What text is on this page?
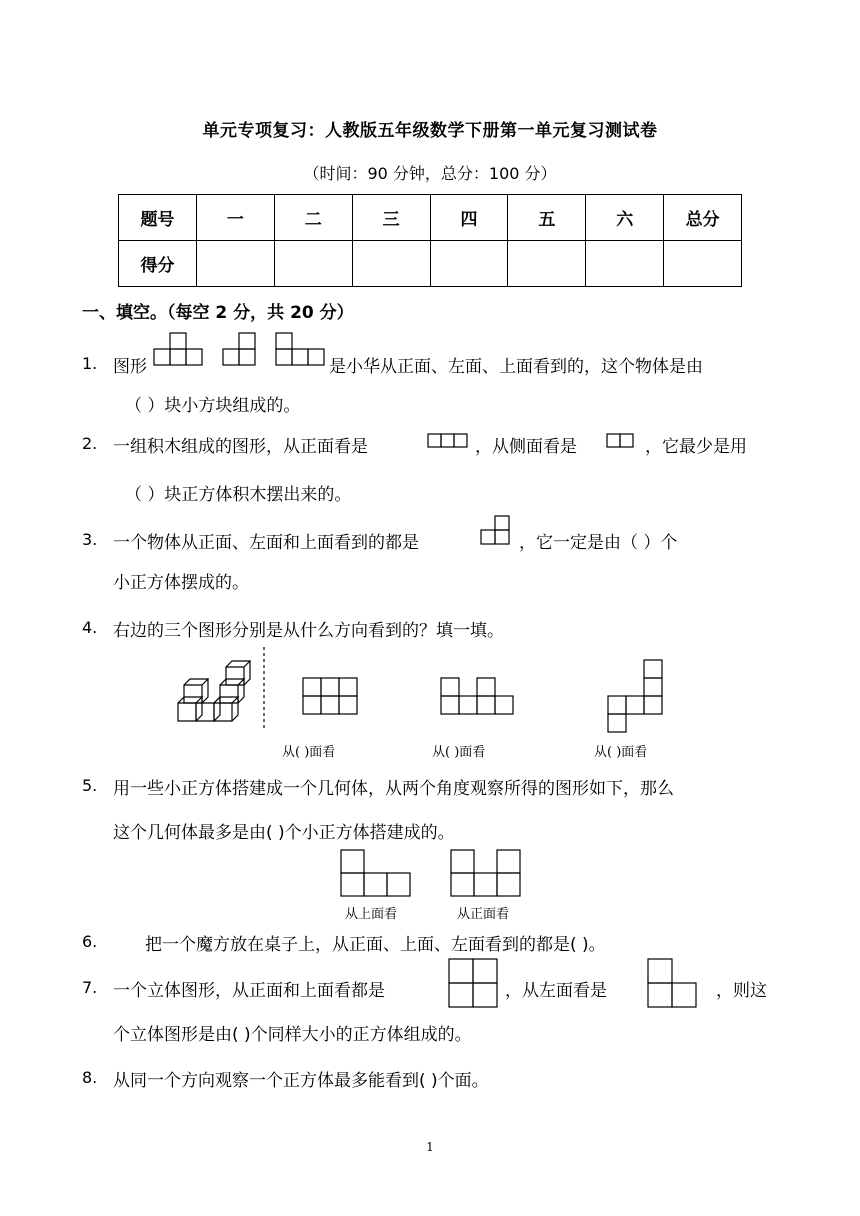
单元专项复习：人教版五年级数学下册第一单元复习测试卷
（时间：90 分钟，总分：100 分）
题号	一	二	三	四	五	六	总分
得分							
一、填空。（每空 2 分，共 20 分）
1. 图形	是小华从正面、左面、上面看到的，这个物体是由
（ ）块小方块组成的。
2. 一组积木组成的图形，从正面看是	，从侧面看是	，它最少是用
（ ）块正方体积木摆出来的。
3. 一个物体从正面、左面和上面看到的都是	，它一定是由（ ）个
小正方体摆成的。
4. 右边的三个图形分别是从什么方向看到的？填一填。
从( )面看	从( )面看	从( )面看
5. 用一些小正方体搭建成一个几何体，从两个角度观察所得的图形如下，那么
这个几何体最多是由( )个小正方体搭建成的。
从上面看	从正面看
6.	把一个魔方放在桌子上，从正面、上面、左面看到的都是( )。
7. 一个立体图形，从正面和上面看都是	，从左面看是	，则这
个立体图形是由( )个同样大小的正方体组成的。
8. 从同一个方向观察一个正方体最多能看到( )个面。
1
